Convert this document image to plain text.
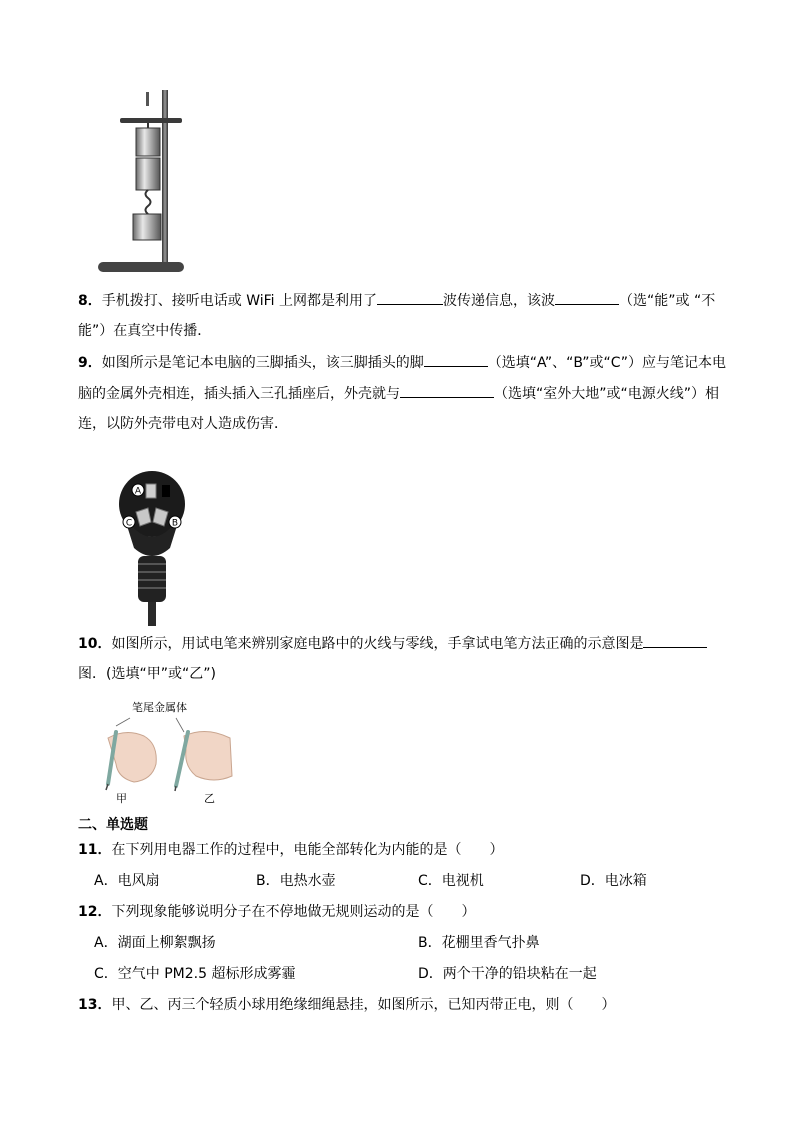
8．手机拨打、接听电话或 WiFi 上网都是利用了	波传递信息，该波	（选“能”或 “不
能”）在真空中传播．
9．如图所示是笔记本电脑的三脚插头，该三脚插头的脚	（选填“A”、“B”或“C”）应与笔记本电
脑的金属外壳相连，插头插入三孔插座后，外壳就与	（选填“室外大地”或“电源火线”）相
连，以防外壳带电对人造成伤害．
A
C	B
10．如图所示，用试电笔来辨别家庭电路中的火线与零线，手拿试电笔方法正确的示意图是
图．(选填“甲”或“乙”)
笔尾金属体
甲	乙
二、单选题
11．在下列用电器工作的过程中，电能全部转化为内能的是（　　）
A．电风扇	B．电热水壶	C．电视机	D．电冰箱
12．下列现象能够说明分子在不停地做无规则运动的是（　　）
A．湖面上柳絮飘扬	B．花棚里香气扑鼻
C．空气中 PM2.5 超标形成雾霾	D．两个干净的铅块粘在一起
13．甲、乙、丙三个轻质小球用绝缘细绳悬挂，如图所示，已知丙带正电，则（　　）
